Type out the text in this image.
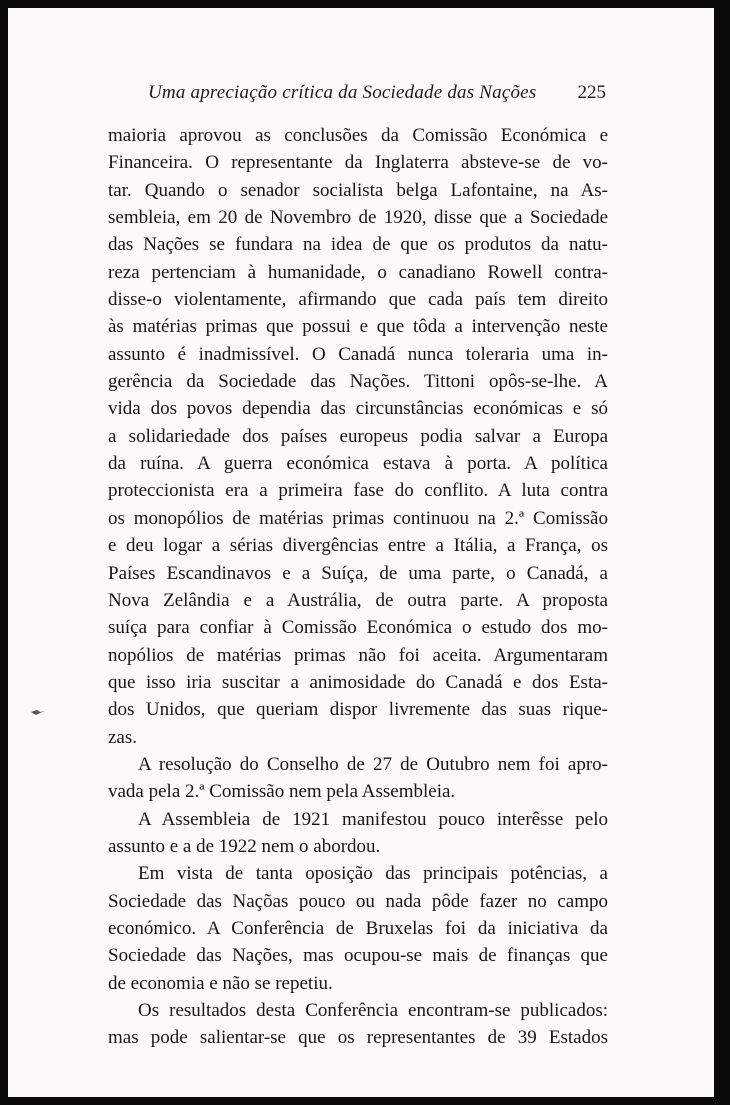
Uma apreciação crítica da Sociedade das Nações 225
maioria aprovou as conclusões da Comissão Económica e
Financeira. O representante da Inglaterra absteve-se de vo-
tar. Quando o senador socialista belga Lafontaine, na As-
sembleia, em 20 de Novembro de 1920, disse que a Sociedade
das Nações se fundara na idea de que os produtos da natu-
reza pertenciam à humanidade, o canadiano Rowell contra-
disse-o violentamente, afirmando que cada país tem direito
às matérias primas que possui e que tôda a intervenção neste
assunto é inadmissível. O Canadá nunca toleraria uma in-
gerência da Sociedade das Nações. Tittoni opôs-se-lhe. A
vida dos povos dependia das circunstâncias económicas e só
a solidariedade dos países europeus podia salvar a Europa
da ruína. A guerra económica estava à porta. A política
proteccionista era a primeira fase do conflito. A luta contra
os monopólios de matérias primas continuou na 2.ª Comissão
e deu logar a sérias divergências entre a Itália, a França, os
Países Escandinavos e a Suíça, de uma parte, o Canadá, a
Nova Zelândia e a Austrália, de outra parte. A proposta
suíça para confiar à Comissão Económica o estudo dos mo-
nopólios de matérias primas não foi aceita. Argumentaram
que isso iria suscitar a animosidade do Canadá e dos Esta-
dos Unidos, que queriam dispor livremente das suas rique-
zas.
A resolução do Conselho de 27 de Outubro nem foi apro-
vada pela 2.ª Comissão nem pela Assembleia.
A Assembleia de 1921 manifestou pouco interêsse pelo
assunto e a de 1922 nem o abordou.
Em vista de tanta oposição das principais potências, a
Sociedade das Naçõas pouco ou nada pôde fazer no campo
económico. A Conferência de Bruxelas foi da iniciativa da
Sociedade das Nações, mas ocupou-se mais de finanças que
de economia e não se repetiu.
Os resultados desta Conferência encontram-se publicados:
mas pode salientar-se que os representantes de 39 Estados
